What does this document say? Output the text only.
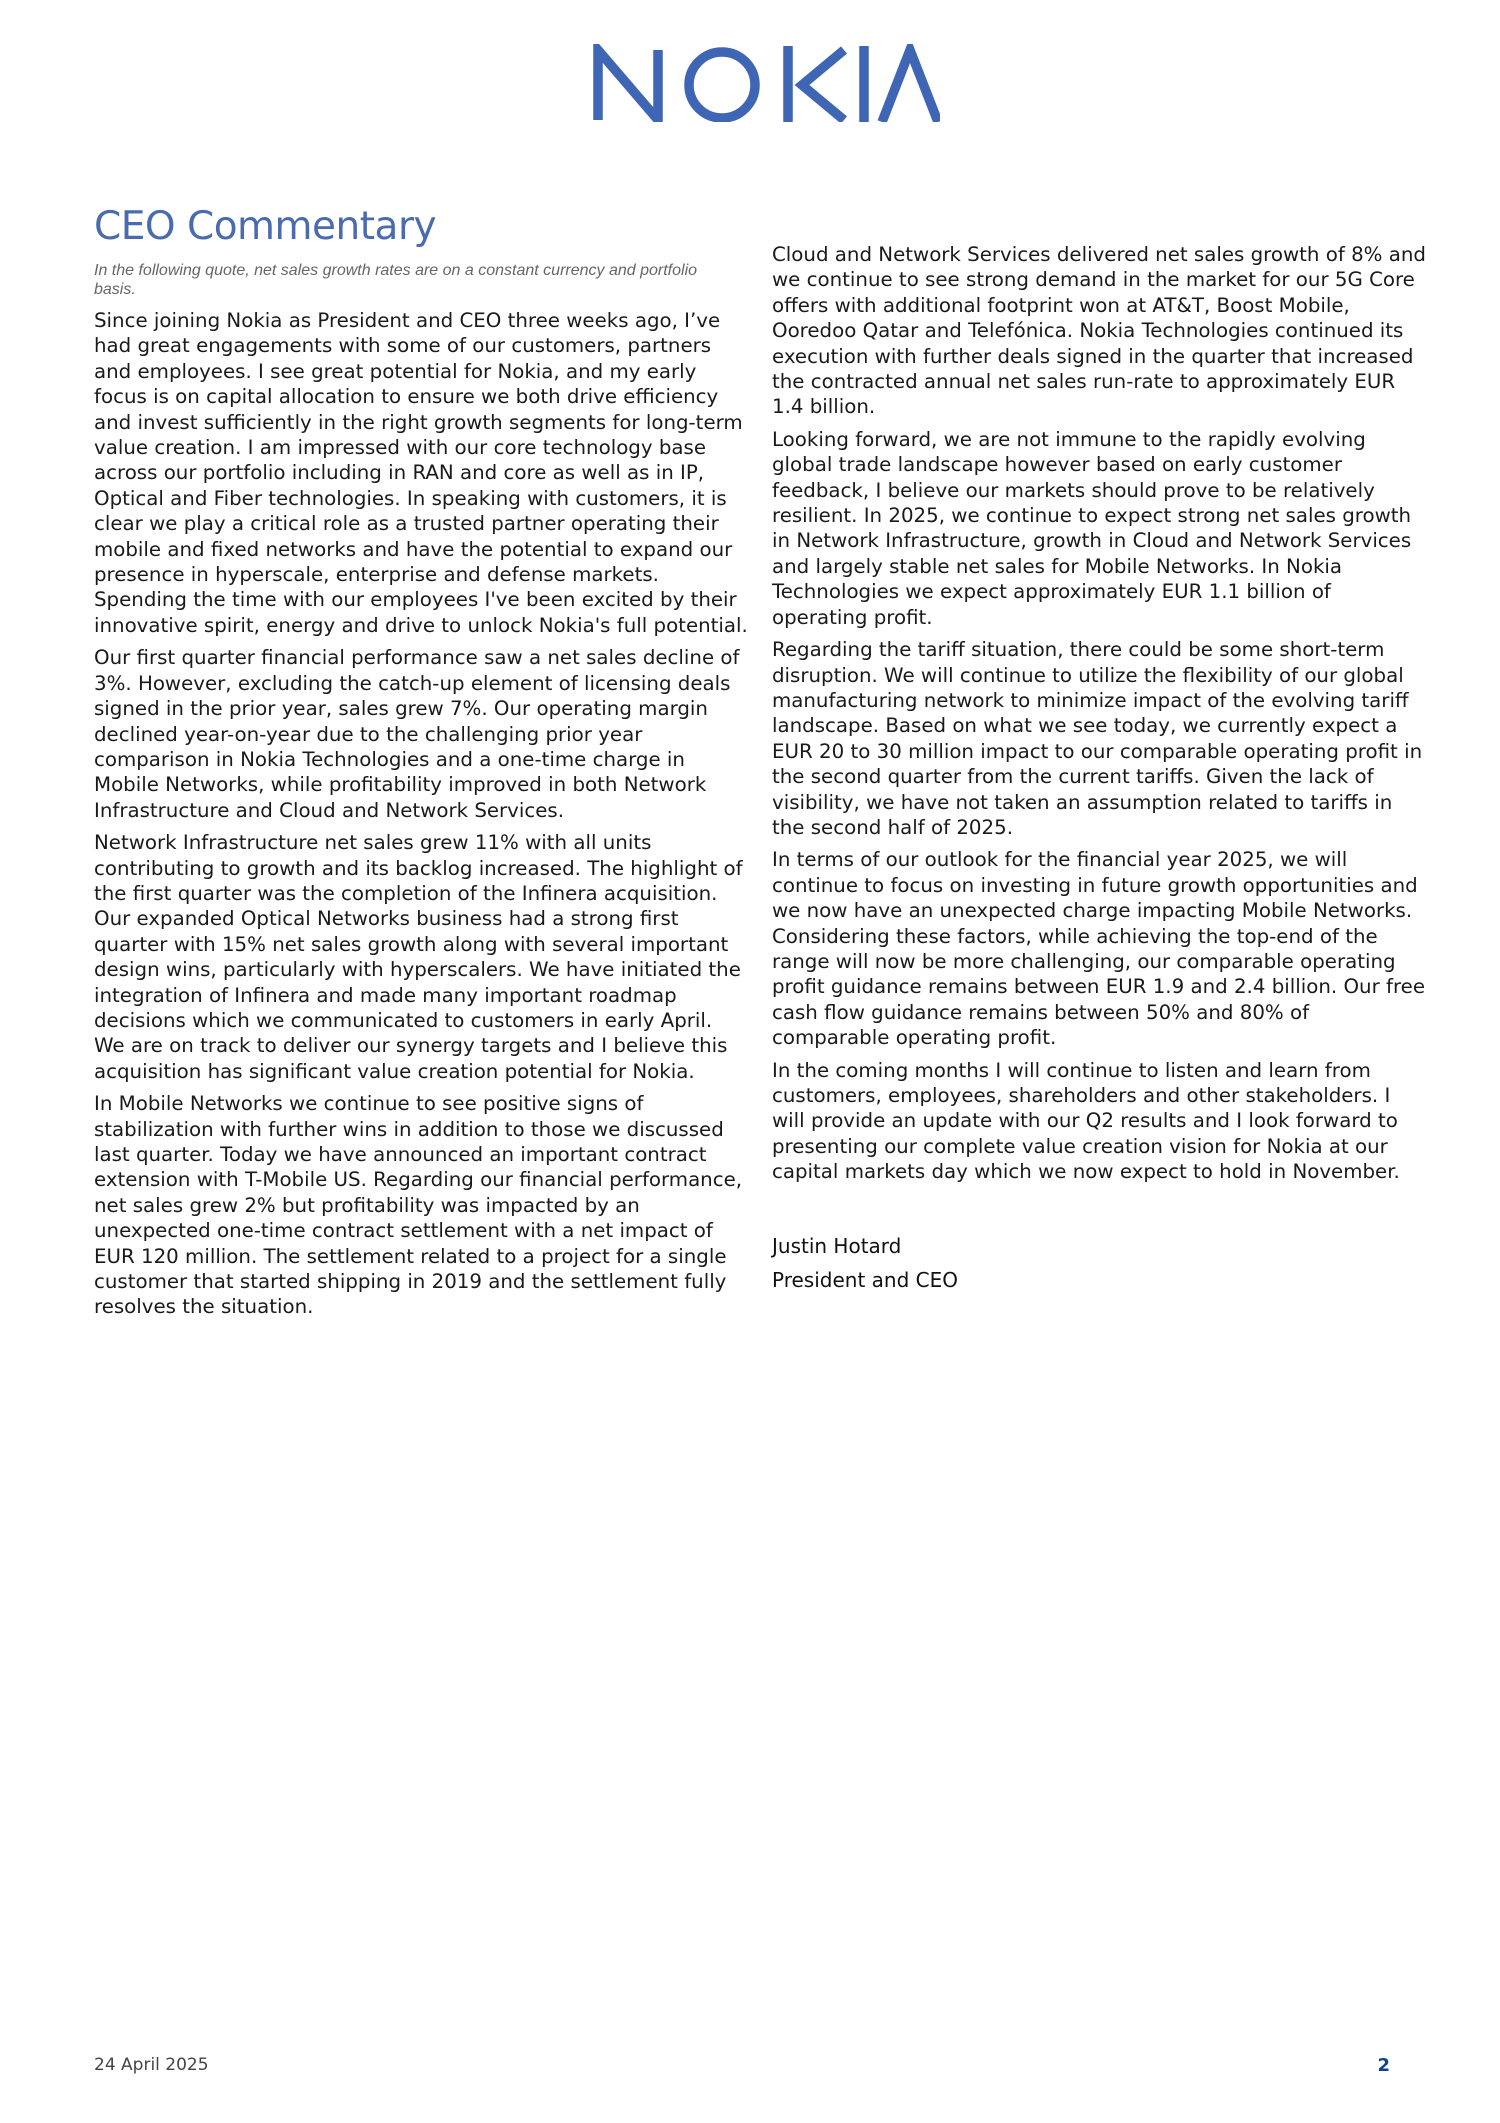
CEO Commentary

In the following quote, net sales growth rates are on a constant currency and portfolio basis.

Since joining Nokia as President and CEO three weeks ago, I’ve had great engagements with some of our customers, partners and employees. I see great potential for Nokia, and my early focus is on capital allocation to ensure we both drive efficiency and invest sufficiently in the right growth segments for long-term value creation. I am impressed with our core technology base across our portfolio including in RAN and core as well as in IP, Optical and Fiber technologies. In speaking with customers, it is clear we play a critical role as a trusted partner operating their mobile and fixed networks and have the potential to expand our presence in hyperscale, enterprise and defense markets. Spending the time with our employees I've been excited by their innovative spirit, energy and drive to unlock Nokia's full potential.

Our first quarter financial performance saw a net sales decline of 3%. However, excluding the catch-up element of licensing deals signed in the prior year, sales grew 7%. Our operating margin declined year-on-year due to the challenging prior year comparison in Nokia Technologies and a one-time charge in Mobile Networks, while profitability improved in both Network Infrastructure and Cloud and Network Services.

Network Infrastructure net sales grew 11% with all units contributing to growth and its backlog increased. The highlight of the first quarter was the completion of the Infinera acquisition. Our expanded Optical Networks business had a strong first quarter with 15% net sales growth along with several important design wins, particularly with hyperscalers. We have initiated the integration of Infinera and made many important roadmap decisions which we communicated to customers in early April. We are on track to deliver our synergy targets and I believe this acquisition has significant value creation potential for Nokia.

In Mobile Networks we continue to see positive signs of stabilization with further wins in addition to those we discussed last quarter. Today we have announced an important contract extension with T-Mobile US. Regarding our financial performance, net sales grew 2% but profitability was impacted by an unexpected one-time contract settlement with a net impact of EUR 120 million. The settlement related to a project for a single customer that started shipping in 2019 and the settlement fully resolves the situation.

Cloud and Network Services delivered net sales growth of 8% and we continue to see strong demand in the market for our 5G Core offers with additional footprint won at AT&T, Boost Mobile, Ooredoo Qatar and Telefónica. Nokia Technologies continued its execution with further deals signed in the quarter that increased the contracted annual net sales run-rate to approximately EUR 1.4 billion.

Looking forward, we are not immune to the rapidly evolving global trade landscape however based on early customer feedback, I believe our markets should prove to be relatively resilient. In 2025, we continue to expect strong net sales growth in Network Infrastructure, growth in Cloud and Network Services and largely stable net sales for Mobile Networks. In Nokia Technologies we expect approximately EUR 1.1 billion of operating profit.

Regarding the tariff situation, there could be some short-term disruption. We will continue to utilize the flexibility of our global manufacturing network to minimize impact of the evolving tariff landscape. Based on what we see today, we currently expect a EUR 20 to 30 million impact to our comparable operating profit in the second quarter from the current tariffs. Given the lack of visibility, we have not taken an assumption related to tariffs in the second half of 2025.

In terms of our outlook for the financial year 2025, we will continue to focus on investing in future growth opportunities and we now have an unexpected charge impacting Mobile Networks. Considering these factors, while achieving the top-end of the range will now be more challenging, our comparable operating profit guidance remains between EUR 1.9 and 2.4 billion. Our free cash flow guidance remains between 50% and 80% of comparable operating profit.

In the coming months I will continue to listen and learn from customers, employees, shareholders and other stakeholders. I will provide an update with our Q2 results and I look forward to presenting our complete value creation vision for Nokia at our capital markets day which we now expect to hold in November.

Justin Hotard
President and CEO
24 April 2025	2
